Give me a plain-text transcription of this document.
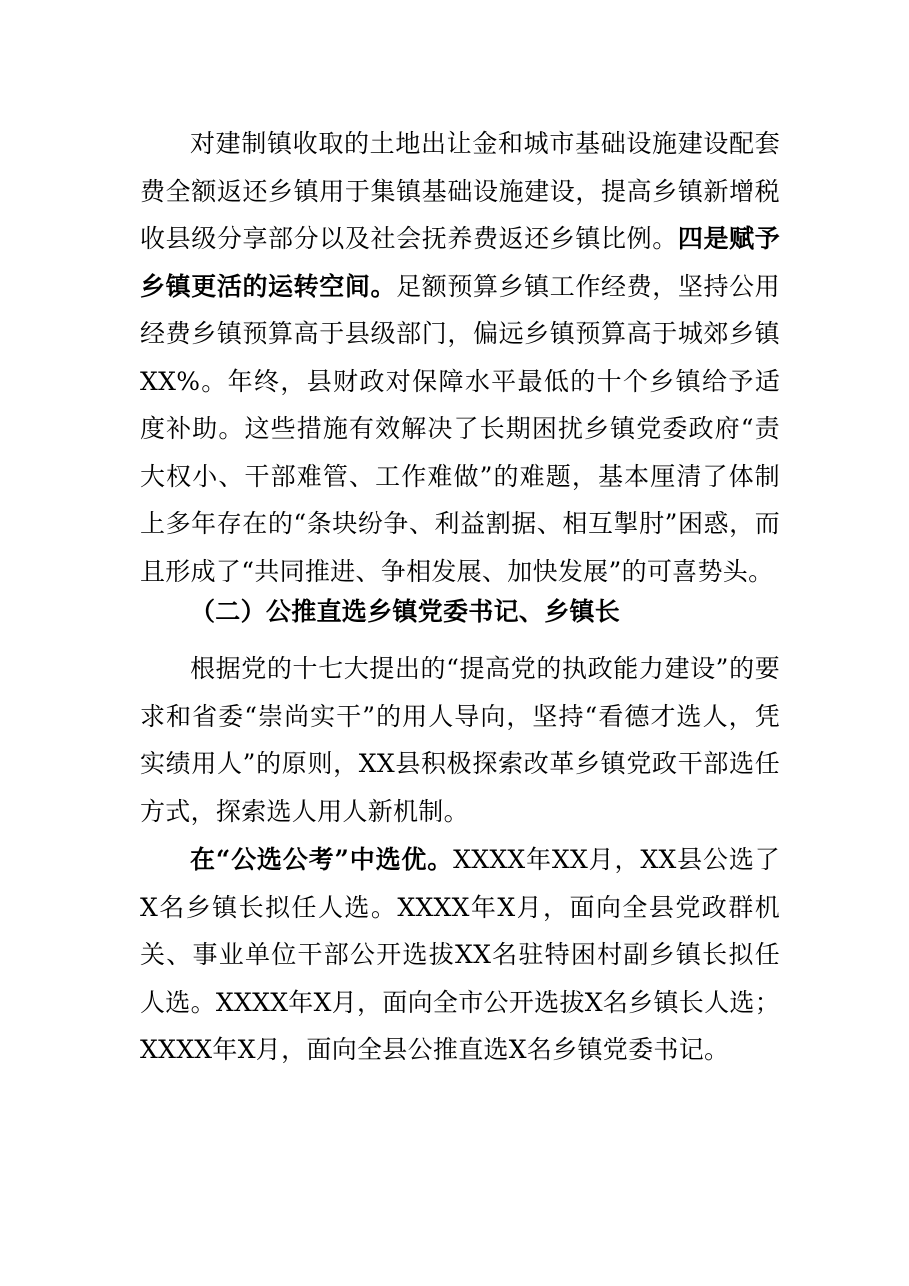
对建制镇收取的土地出让金和城市基础设施建设配套费全额返还乡镇用于集镇基础设施建设，提高乡镇新增税收县级分享部分以及社会抚养费返还乡镇比例。四是赋予乡镇更活的运转空间。足额预算乡镇工作经费，坚持公用经费乡镇预算高于县级部门，偏远乡镇预算高于城郊乡镇XX%。年终，县财政对保障水平最低的十个乡镇给予适度补助。这些措施有效解决了长期困扰乡镇党委政府“责大权小、干部难管、工作难做”的难题，基本厘清了体制上多年存在的“条块纷争、利益割据、相互掣肘”困惑，而且形成了“共同推进、争相发展、加快发展”的可喜势头。

（二）公推直选乡镇党委书记、乡镇长

根据党的十七大提出的“提高党的执政能力建设”的要求和省委“崇尚实干”的用人导向，坚持“看德才选人，凭实绩用人”的原则，XX县积极探索改革乡镇党政干部选任方式，探索选人用人新机制。

在“公选公考”中选优。XXXX年XX月，XX县公选了X名乡镇长拟任人选。XXXX年X月，面向全县党政群机关、事业单位干部公开选拔XX名驻特困村副乡镇长拟任人选。XXXX年X月，面向全市公开选拔X名乡镇长人选；XXXX年X月，面向全县公推直选X名乡镇党委书记。
